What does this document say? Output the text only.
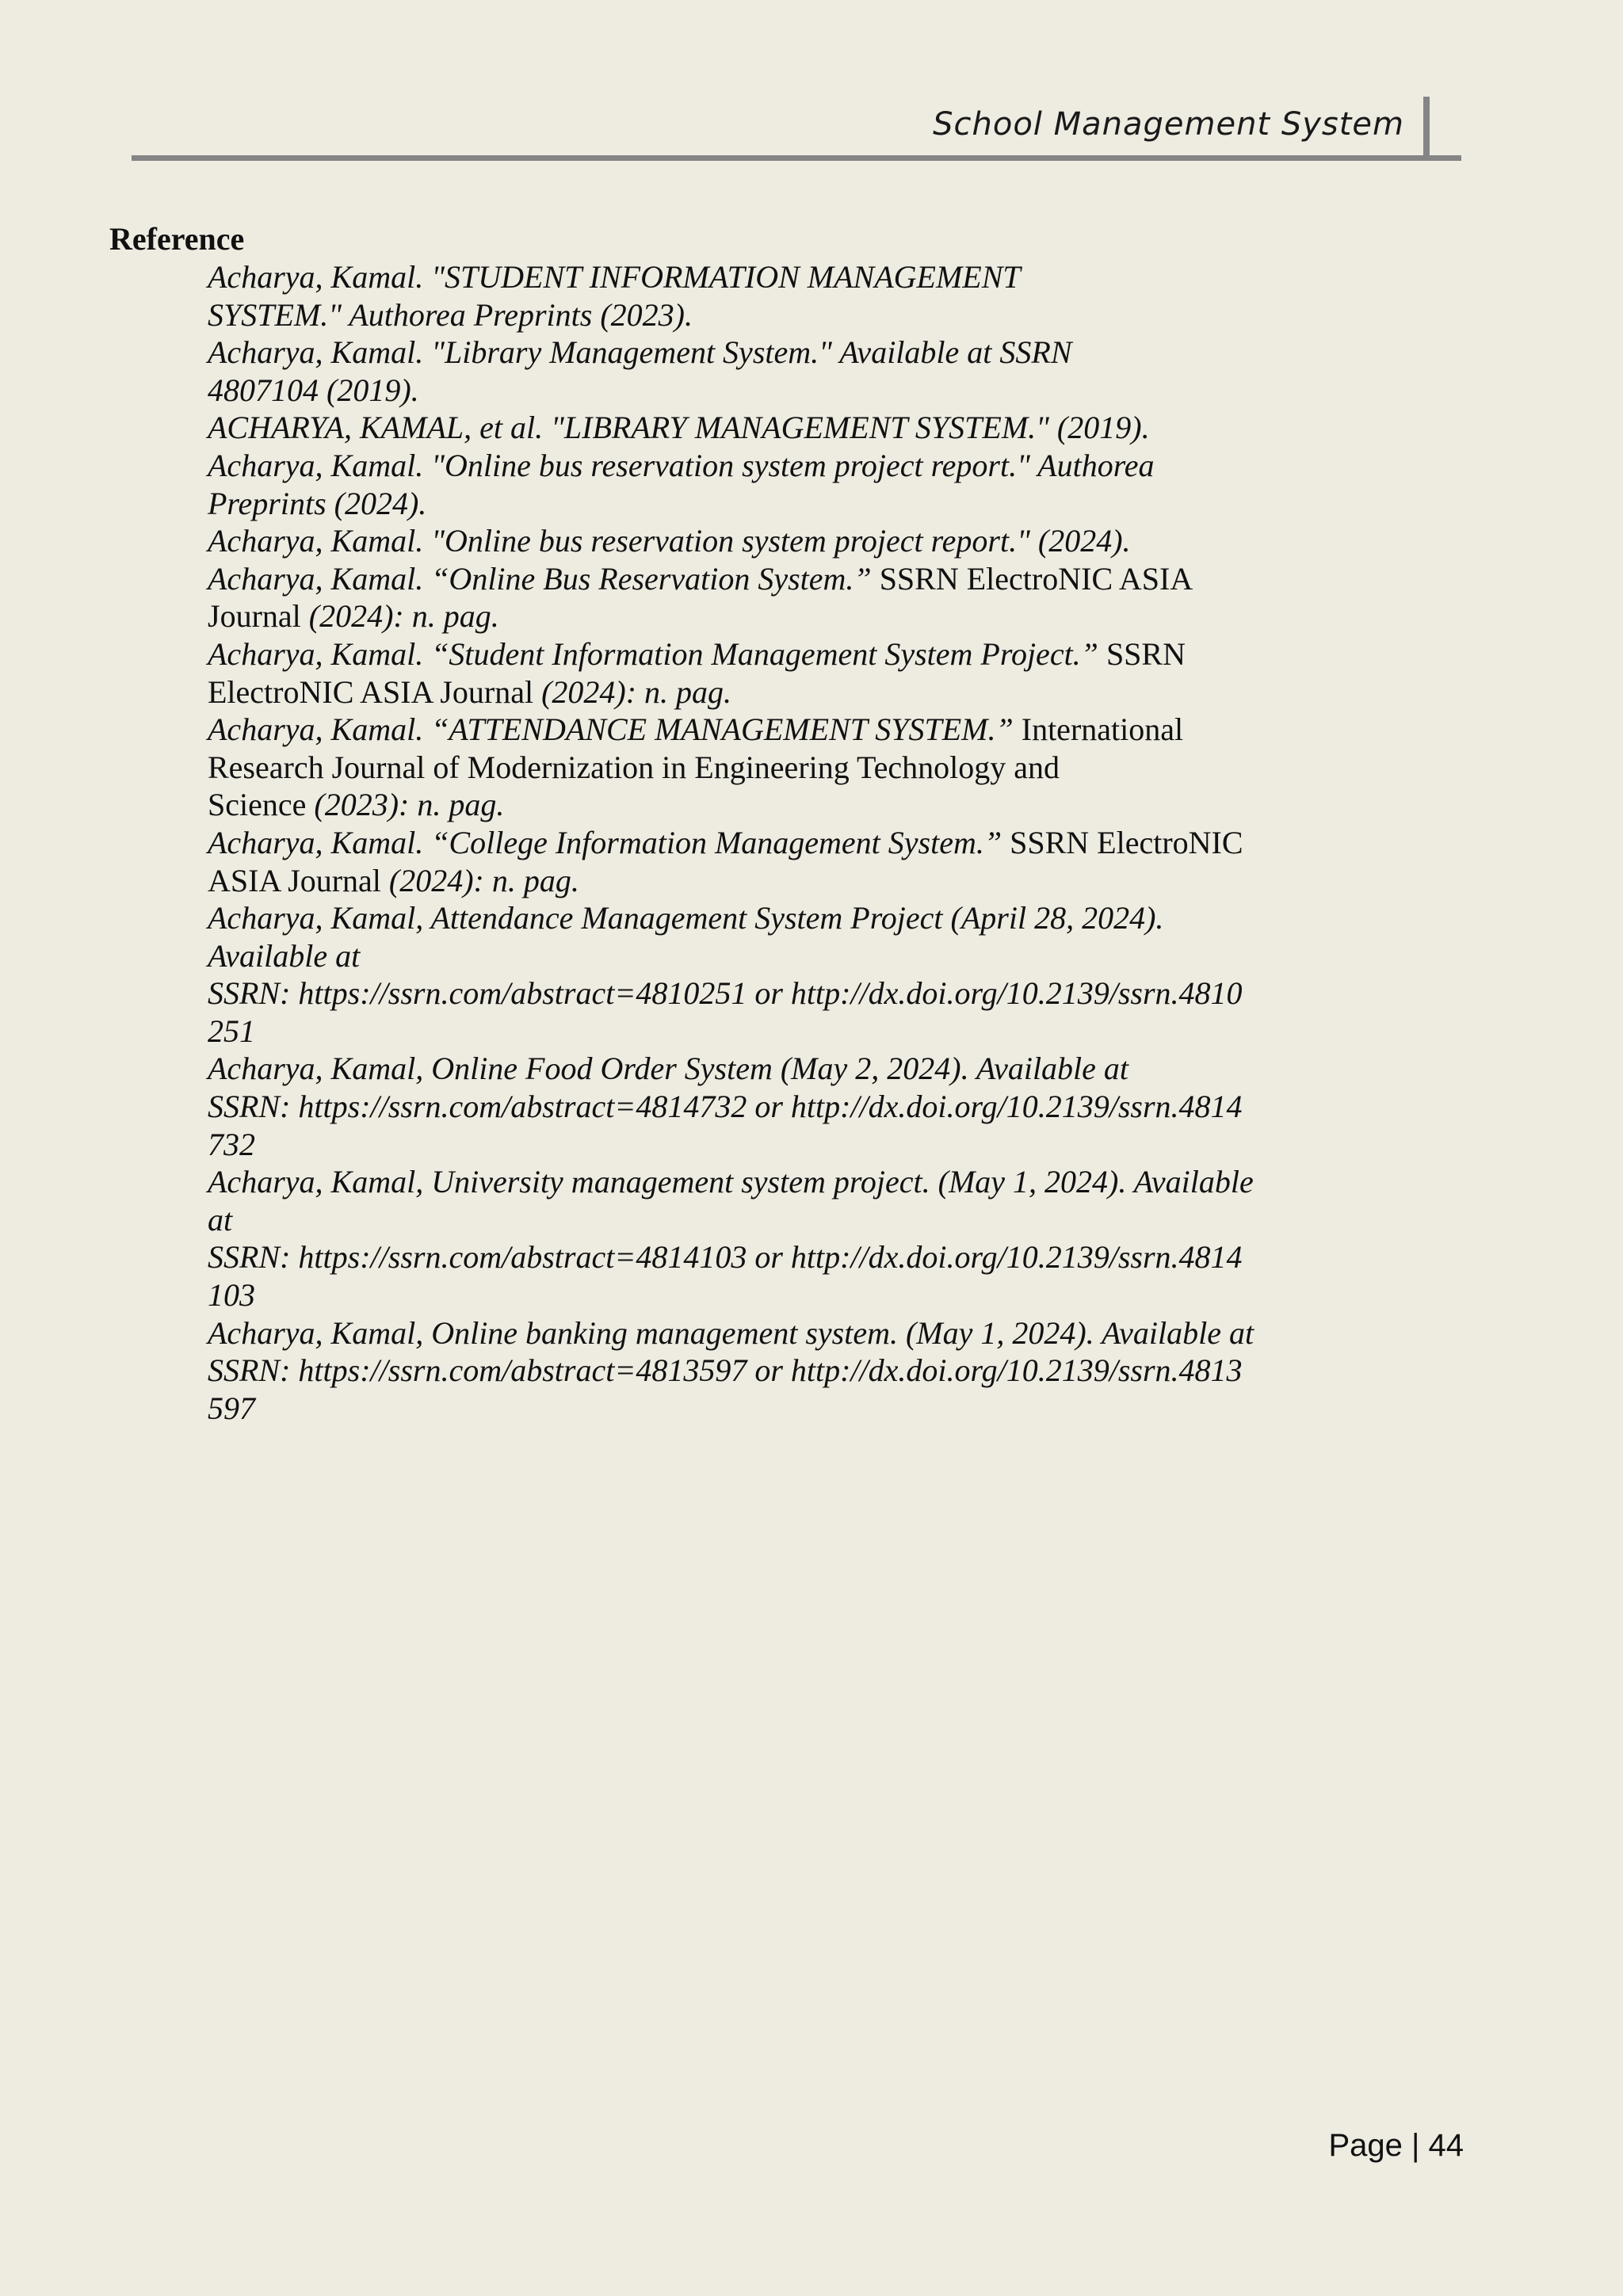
School Management System
Reference
Acharya, Kamal. "STUDENT INFORMATION MANAGEMENT
SYSTEM." Authorea Preprints (2023).
Acharya, Kamal. "Library Management System." Available at SSRN
4807104 (2019).
ACHARYA, KAMAL, et al. "LIBRARY MANAGEMENT SYSTEM." (2019).
Acharya, Kamal. "Online bus reservation system project report." Authorea
Preprints (2024).
Acharya, Kamal. "Online bus reservation system project report." (2024).
Acharya, Kamal. “Online Bus Reservation System.” SSRN ElectroNIC ASIA
Journal (2024): n. pag.
Acharya, Kamal. “Student Information Management System Project.” SSRN
ElectroNIC ASIA Journal (2024): n. pag.
Acharya, Kamal. “ATTENDANCE MANAGEMENT SYSTEM.” International
Research Journal of Modernization in Engineering Technology and
Science (2023): n. pag.
Acharya, Kamal. “College Information Management System.” SSRN ElectroNIC
ASIA Journal (2024): n. pag.
Acharya, Kamal, Attendance Management System Project (April 28, 2024).
Available at
SSRN: https://ssrn.com/abstract=4810251 or http://dx.doi.org/10.2139/ssrn.4810
251
Acharya, Kamal, Online Food Order System (May 2, 2024). Available at
SSRN: https://ssrn.com/abstract=4814732 or http://dx.doi.org/10.2139/ssrn.4814
732
Acharya, Kamal, University management system project. (May 1, 2024). Available
at
SSRN: https://ssrn.com/abstract=4814103 or http://dx.doi.org/10.2139/ssrn.4814
103
Acharya, Kamal, Online banking management system. (May 1, 2024). Available at
SSRN: https://ssrn.com/abstract=4813597 or http://dx.doi.org/10.2139/ssrn.4813
597
Page | 44
